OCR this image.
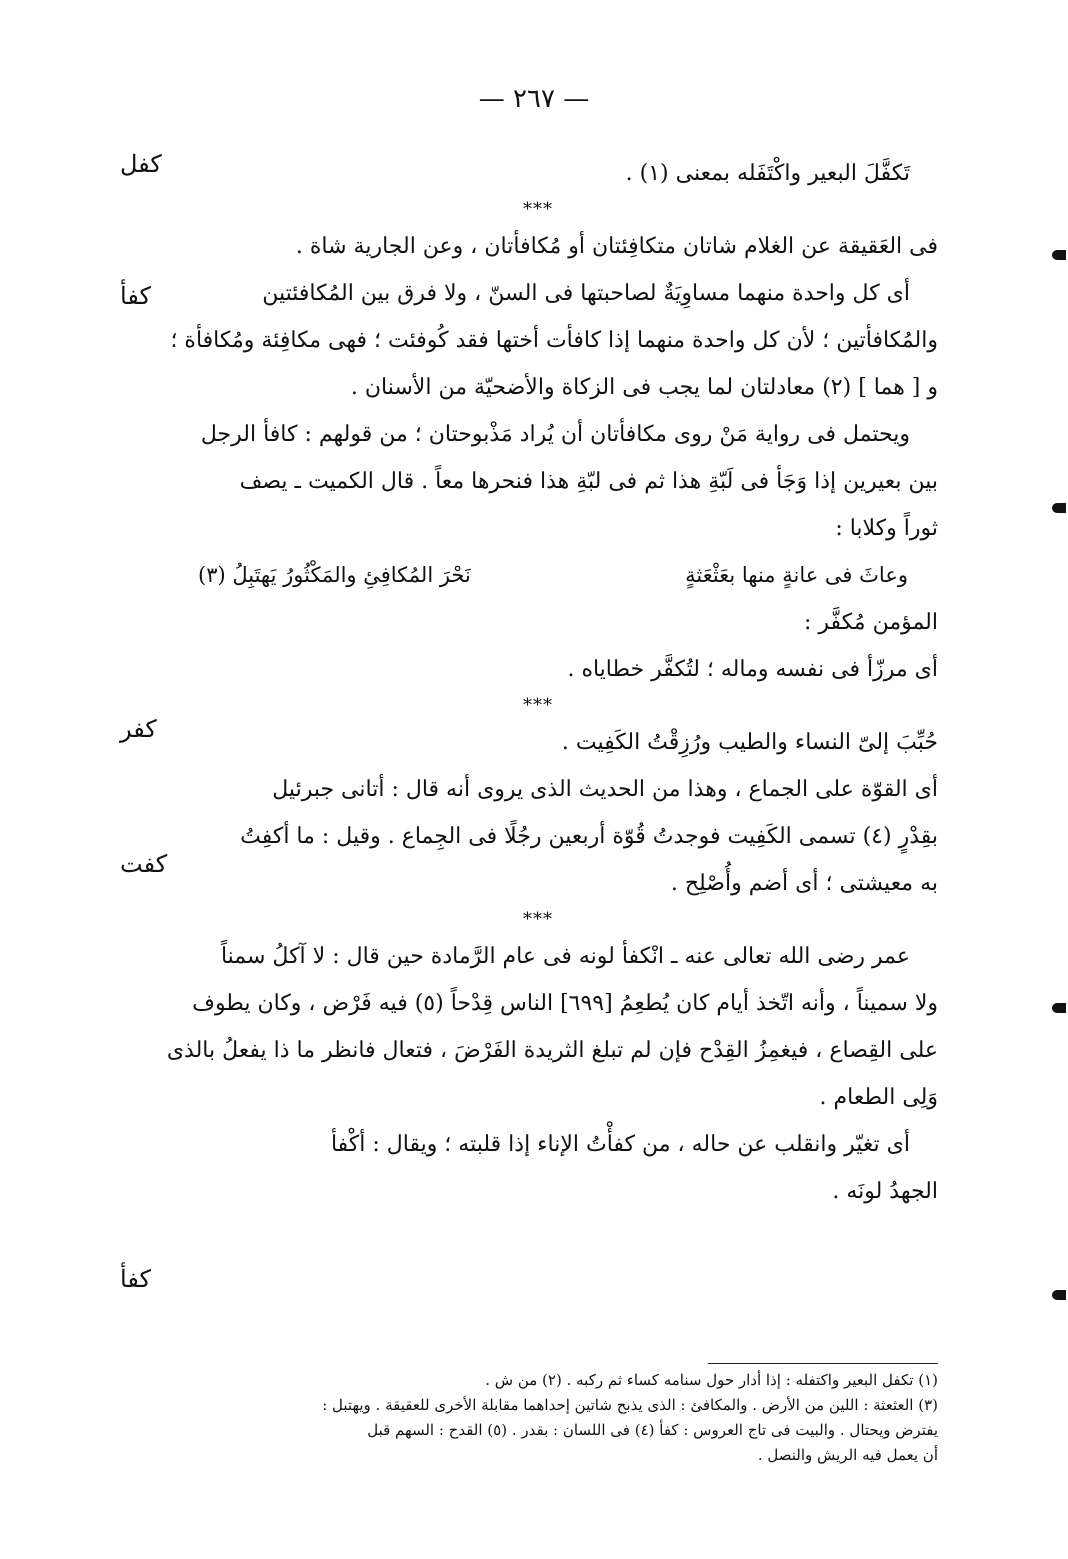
— ٢٦٧ —
كفل
كفأ
كفر
كفت
كفأ
تَكفَّلَ البعير واكْتَفَله بمعنى (١) .
***
فى العَقيقة عن الغلام شاتان متكافِئتان أو مُكافأتان ، وعن الجارية شاة .
أى كل واحدة منهما مساوِيَةٌ لصاحبتها فى السنّ ، ولا فرق بين المُكافئتين
والمُكافأتين ؛ لأن كل واحدة منهما إذا كافأت أختها فقد كُوفئت ؛ فهى مكافِئة ومُكافأة ؛
و [ هما ] (٢) معادلتان لما يجب فى الزكاة والأضحيّة من الأسنان .
ويحتمل فى رواية مَنْ روى مكافأتان أن يُراد مَذْبوحتان ؛ من قولهم : كافأ الرجل
بين بعيرين إذا وَجَأ فى لَبّةِ هذا ثم فى لبّةِ هذا فنحرها معاً . قال الكميت ـ يصف
ثوراً وكلابا :
وعاثَ فى عانةٍ منها بعَثْعَثةٍ
نَحْرَ المُكافِئِ والمَكْثُورُ يَهتَبِلُ (٣)
المؤمن مُكفَّر :
أى مرزّأ فى نفسه وماله ؛ لتُكفَّر خطاياه .
***
حُبِّبَ إلىّ النساء والطيب ورُزِقْتُ الكَفِيت .
أى القوّة على الجماع ، وهذا من الحديث الذى يروى أنه قال : أتانى جبرئيل
بقِدْرٍ (٤) تسمى الكَفِيت فوجدتُ قُوّة أربعين رجُلًا فى الجِماع . وقيل : ما أكفِتُ
به معيشتى ؛ أى أضم وأُصْلِح .
***
عمر رضى الله تعالى عنه ـ انْكفأ لونه فى عام الرَّمادة حين قال : لا آكلُ سمناً
ولا سميناً ، وأنه اتّخذ أيام كان يُطعِمُ [٦٩٩] الناس قِدْحاً (٥) فيه فَرْض ، وكان يطوف
على القِصاع ، فيغمِزُ القِدْح فإن لم تبلغ الثريدة الفَرْضَ ، فتعال فانظر ما ذا يفعلُ بالذى
وَلِى الطعام .
أى تغيّر وانقلب عن حاله ، من كفأْتُ الإناء إذا قلبته ؛ ويقال : أكْفأ
الجهدُ لونَه .
(١) تكفل البعير واكتفله : إذا أدار حول سنامه كساء ثم ركبه . (٢) من ش .
(٣) العثعثة : اللين من الأرض . والمكافئ : الذى يذبح شاتين إحداهما مقابلة الأخرى للعقيقة . ويهتبل :
يفترض ويحتال . والبيت فى تاج العروس : كفأ (٤) فى اللسان : بقدر . (٥) القدح : السهم قبل
أن يعمل فيه الريش والنصل .
